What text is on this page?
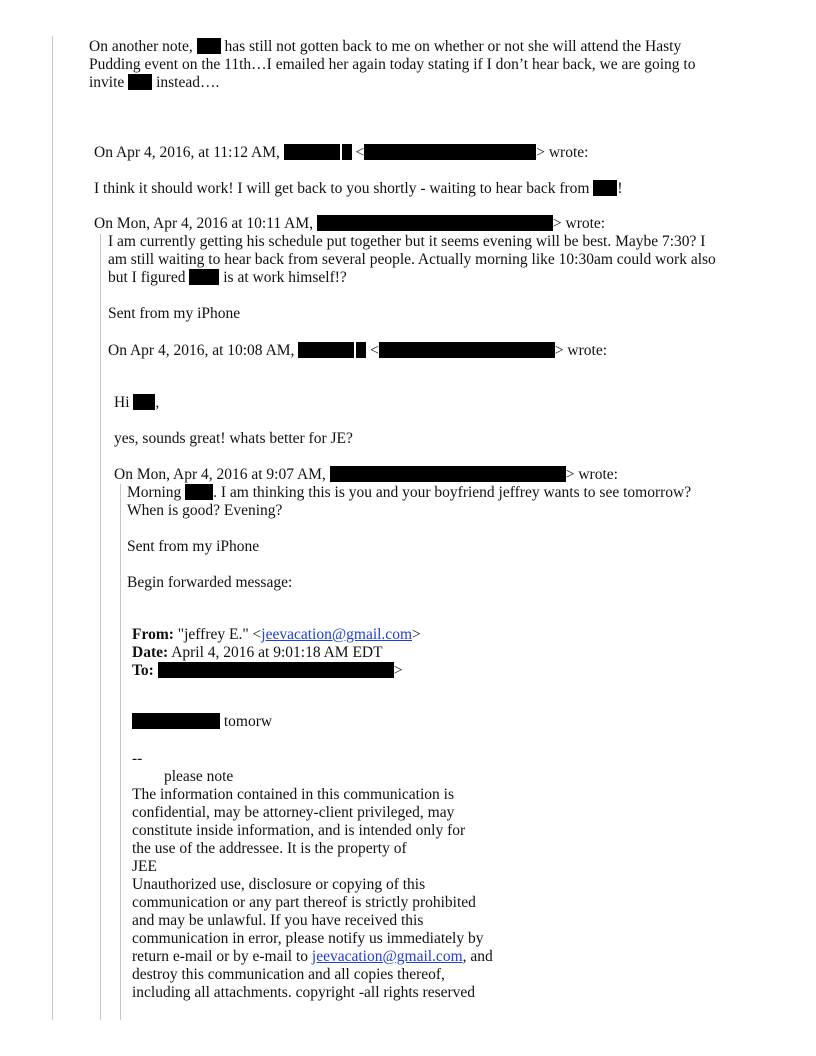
On another note, has still not gotten back to me on whether or not she will attend the Hasty
Pudding event on the 11th…I emailed her again today stating if I don’t hear back, we are going to
invite instead….
On Apr 4, 2016, at 11:12 AM,	<	> wrote:
I think it should work! I will get back to you shortly - waiting to hear back from !
On Mon, Apr 4, 2016 at 10:11 AM,	> wrote:
I am currently getting his schedule put together but it seems evening will be best. Maybe 7:30? I
am still waiting to hear back from several people. Actually morning like 10:30am could work also
but I figured is at work himself!?
Sent from my iPhone
On Apr 4, 2016, at 10:08 AM,	<	> wrote:
Hi ,
yes, sounds great! whats better for JE?
On Mon, Apr 4, 2016 at 9:07 AM,	> wrote:
Morning . I am thinking this is you and your boyfriend jeffrey wants to see tomorrow?
When is good? Evening?
Sent from my iPhone
Begin forwarded message:
From: "jeffrey E." <jeevacation@gmail.com>
Date: April 4, 2016 at 9:01:18 AM EDT
To:	>
tomorw
--
please note
The information contained in this communication is
confidential, may be attorney-client privileged, may
constitute inside information, and is intended only for
the use of the addressee. It is the property of
JEE
Unauthorized use, disclosure or copying of this
communication or any part thereof is strictly prohibited
and may be unlawful. If you have received this
communication in error, please notify us immediately by
return e-mail or by e-mail to jeevacation@gmail.com, and
destroy this communication and all copies thereof,
including all attachments. copyright -all rights reserved
